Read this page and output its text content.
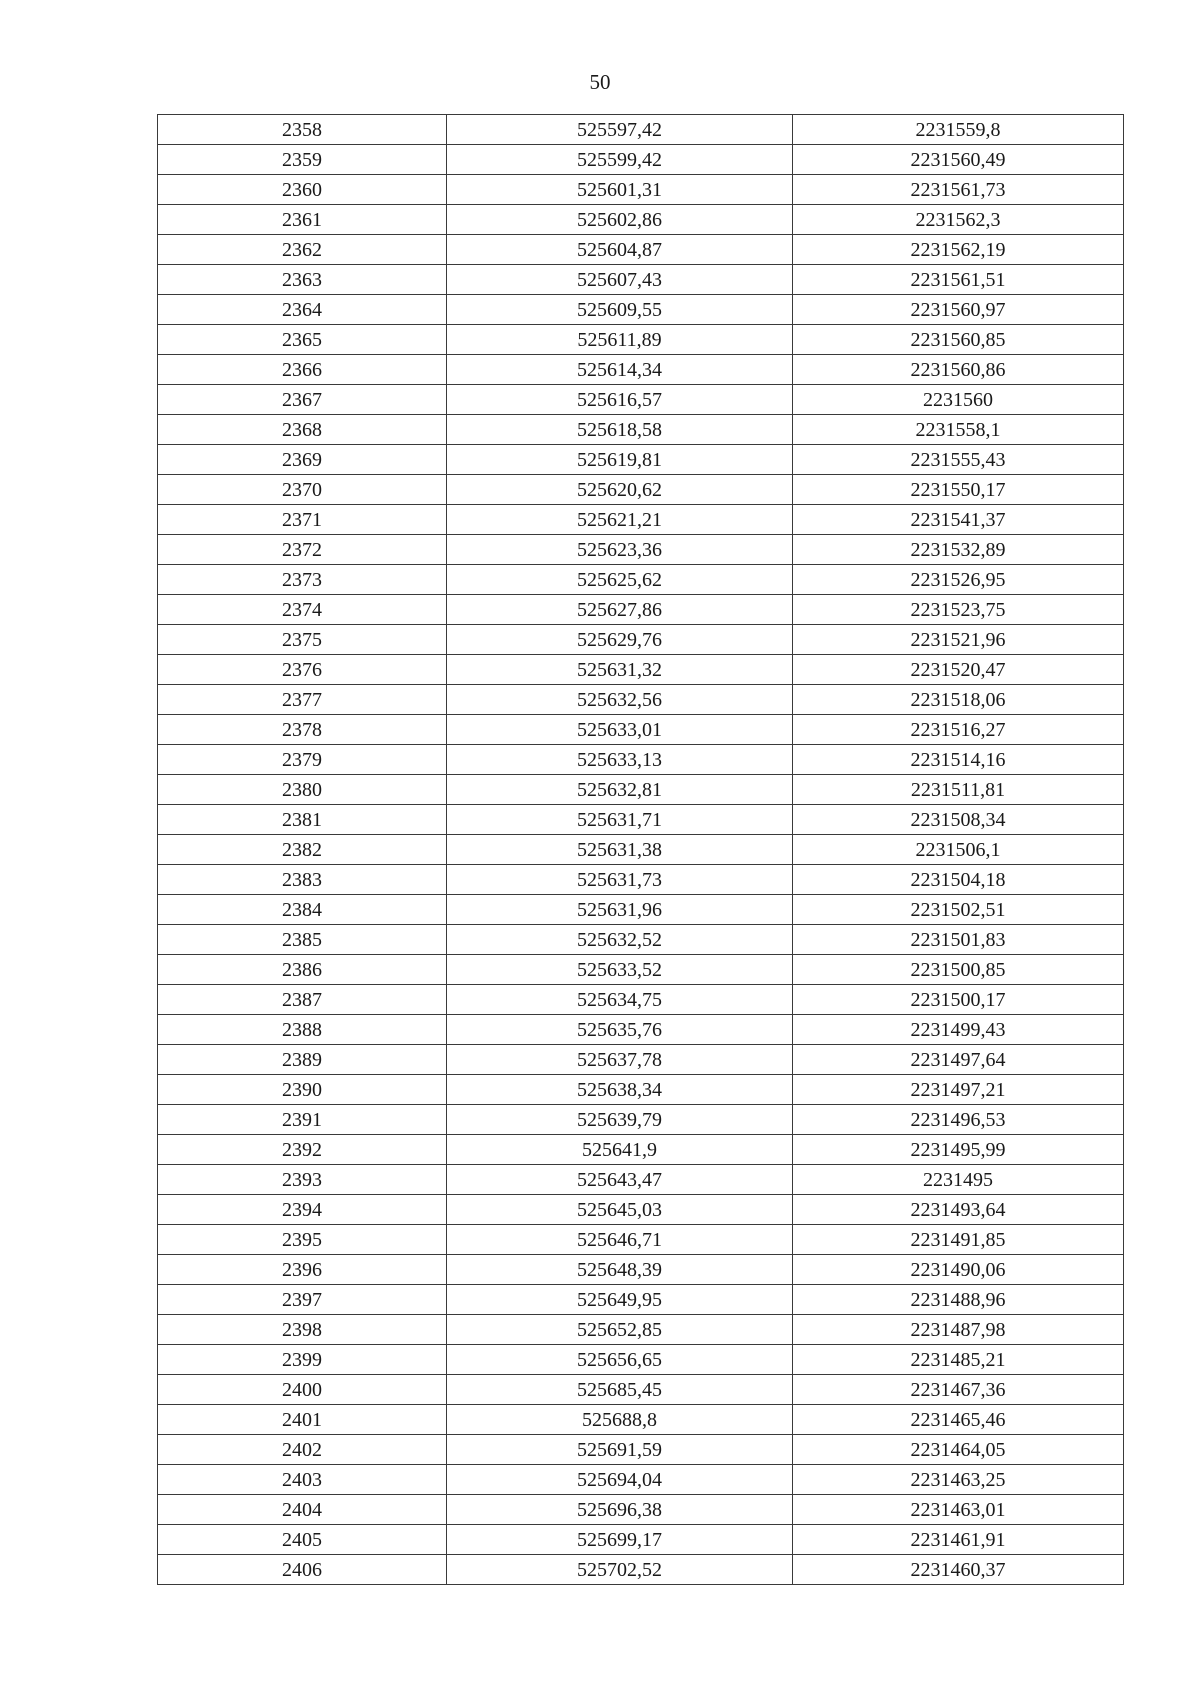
50
2358	525597,42	2231559,8
2359	525599,42	2231560,49
2360	525601,31	2231561,73
2361	525602,86	2231562,3
2362	525604,87	2231562,19
2363	525607,43	2231561,51
2364	525609,55	2231560,97
2365	525611,89	2231560,85
2366	525614,34	2231560,86
2367	525616,57	2231560
2368	525618,58	2231558,1
2369	525619,81	2231555,43
2370	525620,62	2231550,17
2371	525621,21	2231541,37
2372	525623,36	2231532,89
2373	525625,62	2231526,95
2374	525627,86	2231523,75
2375	525629,76	2231521,96
2376	525631,32	2231520,47
2377	525632,56	2231518,06
2378	525633,01	2231516,27
2379	525633,13	2231514,16
2380	525632,81	2231511,81
2381	525631,71	2231508,34
2382	525631,38	2231506,1
2383	525631,73	2231504,18
2384	525631,96	2231502,51
2385	525632,52	2231501,83
2386	525633,52	2231500,85
2387	525634,75	2231500,17
2388	525635,76	2231499,43
2389	525637,78	2231497,64
2390	525638,34	2231497,21
2391	525639,79	2231496,53
2392	525641,9	2231495,99
2393	525643,47	2231495
2394	525645,03	2231493,64
2395	525646,71	2231491,85
2396	525648,39	2231490,06
2397	525649,95	2231488,96
2398	525652,85	2231487,98
2399	525656,65	2231485,21
2400	525685,45	2231467,36
2401	525688,8	2231465,46
2402	525691,59	2231464,05
2403	525694,04	2231463,25
2404	525696,38	2231463,01
2405	525699,17	2231461,91
2406	525702,52	2231460,37
